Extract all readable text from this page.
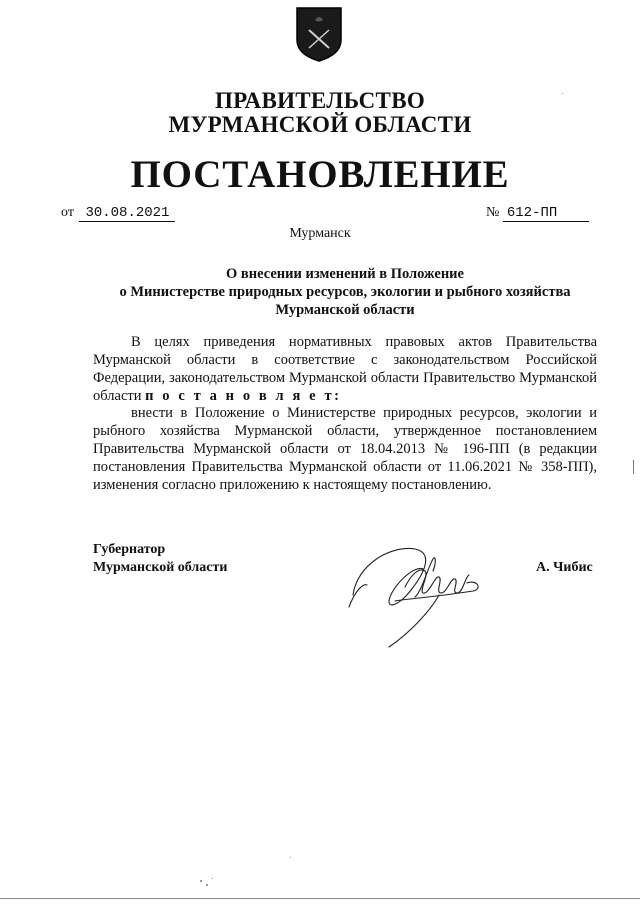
ПРАВИТЕЛЬСТВО
МУРМАНСКОЙ ОБЛАСТИ
ПОСТАНОВЛЕНИЕ
от 30.08.2021	№ 612-ПП
Мурманск
О внесении изменений в Положение
о Министерстве природных ресурсов, экологии и рыбного хозяйства
Мурманской области
В целях приведения нормативных правовых актов Правительства Мурманской области в соответствие с законодательством Российской Федерации, законодательством Мурманской области Правительство Мурманской области п о с т а н о в л я е т:
внести в Положение о Министерстве природных ресурсов, экологии и рыбного хозяйства Мурманской области, утвержденное постановлением Правительства Мурманской области от 18.04.2013 № 196-ПП (в редакции постановления Правительства Мурманской области от 11.06.2021 № 358-ПП), изменения согласно приложению к настоящему постановлению.
Губернатор
Мурманской области	А. Чибис
